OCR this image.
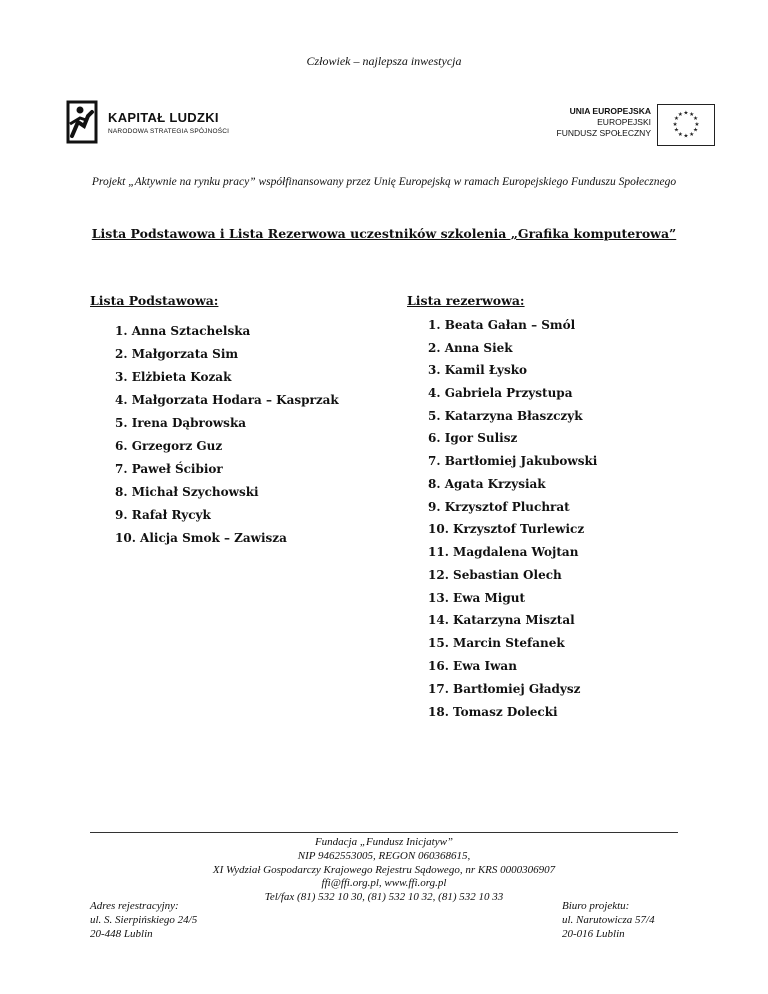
Człowiek – najlepsza inwestycja
KAPITAŁ LUDZKI
NARODOWA STRATEGIA SPÓJNOŚCI
UNIA EUROPEJSKA
EUROPEJSKI
FUNDUSZ SPOŁECZNY
★ ★
★
★
★
★
★
★
★
★
★
★
Projekt „Aktywnie na rynku pracy” współfinansowany przez Unię Europejską w ramach Europejskiego Funduszu Społecznego
Lista Podstawowa i Lista Rezerwowa uczestników szkolenia „Grafika komputerowa”
Lista Podstawowa:	Lista rezerwowa:
1. Anna Sztachelska
2. Małgorzata Sim
3. Elżbieta Kozak
4. Małgorzata Hodara – Kasprzak
5. Irena Dąbrowska
6. Grzegorz Guz
7. Paweł Ścibior
8. Michał Szychowski
9. Rafał Rycyk
10. Alicja Smok – Zawisza
1. Beata Gałan – Smól
2. Anna Siek
3. Kamil Łysko
4. Gabriela Przystupa
5. Katarzyna Błaszczyk
6. Igor Sulisz
7. Bartłomiej Jakubowski
8. Agata Krzysiak
9. Krzysztof Pluchrat
10. Krzysztof Turlewicz
11. Magdalena Wojtan
12. Sebastian Olech
13. Ewa Migut
14. Katarzyna Misztal
15. Marcin Stefanek
16. Ewa Iwan
17. Bartłomiej Gładysz
18. Tomasz Dolecki
Fundacja „Fundusz Inicjatyw”
NIP 9462553005, REGON 060368615,
XI Wydział Gospodarczy Krajowego Rejestru Sądowego, nr KRS 0000306907
ffi@ffi.org.pl, www.ffi.org.pl
Tel/fax (81) 532 10 30, (81) 532 10 32, (81) 532 10 33
Adres rejestracyjny:
ul. S. Sierpińskiego 24/5
20-448 Lublin
Biuro projektu:
ul. Narutowicza 57/4
20-016 Lublin
